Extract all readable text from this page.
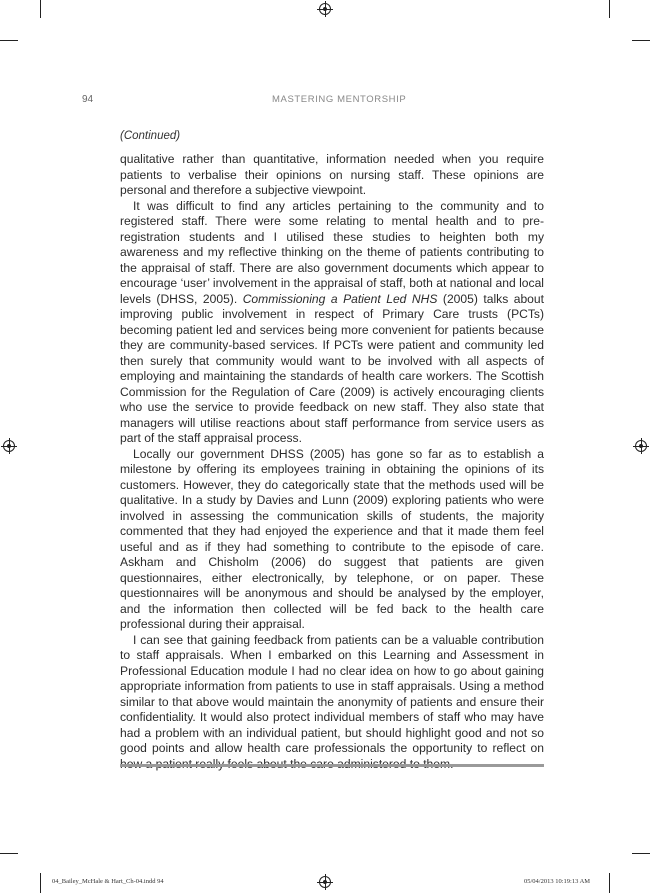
94	MASTERING MENTORSHIP
(Continued)

qualitative rather than quantitative, information needed when you require patients to verbalise their opinions on nursing staff. These opinions are personal and therefore a subjective viewpoint.

It was difficult to find any articles pertaining to the community and to registered staff. There were some relating to mental health and to pre-registration students and I utilised these studies to heighten both my awareness and my reflective thinking on the theme of patients contributing to the appraisal of staff. There are also government documents which appear to encourage ‘user’ involvement in the appraisal of staff, both at national and local levels (DHSS, 2005). Commissioning a Patient Led NHS (2005) talks about improving public involvement in respect of Primary Care trusts (PCTs) becoming patient led and services being more convenient for patients because they are community-based services. If PCTs were patient and community led then surely that community would want to be involved with all aspects of employing and maintaining the standards of health care workers. The Scottish Commission for the Regulation of Care (2009) is actively encouraging clients who use the service to provide feedback on new staff. They also state that managers will utilise reactions about staff performance from service users as part of the staff appraisal process.

Locally our government DHSS (2005) has gone so far as to establish a milestone by offering its employees training in obtaining the opinions of its customers. However, they do categorically state that the methods used will be qualitative. In a study by Davies and Lunn (2009) exploring patients who were involved in assessing the communication skills of students, the majority commented that they had enjoyed the experience and that it made them feel useful and as if they had something to contribute to the episode of care. Askham and Chisholm (2006) do suggest that patients are given questionnaires, either electronically, by telephone, or on paper. These questionnaires will be anonymous and should be analysed by the employer, and the information then collected will be fed back to the health care professional during their appraisal.

I can see that gaining feedback from patients can be a valuable contribution to staff appraisals. When I embarked on this Learning and Assessment in Professional Education module I had no clear idea on how to go about gaining appropriate information from patients to use in staff appraisals. Using a method similar to that above would maintain the anonymity of patients and ensure their confidentiality. It would also protect individual members of staff who may have had a problem with an individual patient, but should highlight good and not so good points and allow health care professionals the opportunity to reflect on

04_Bailey_McHale & Hart_Ch-04.indd 94	05/04/2013 10:19:13 AM
